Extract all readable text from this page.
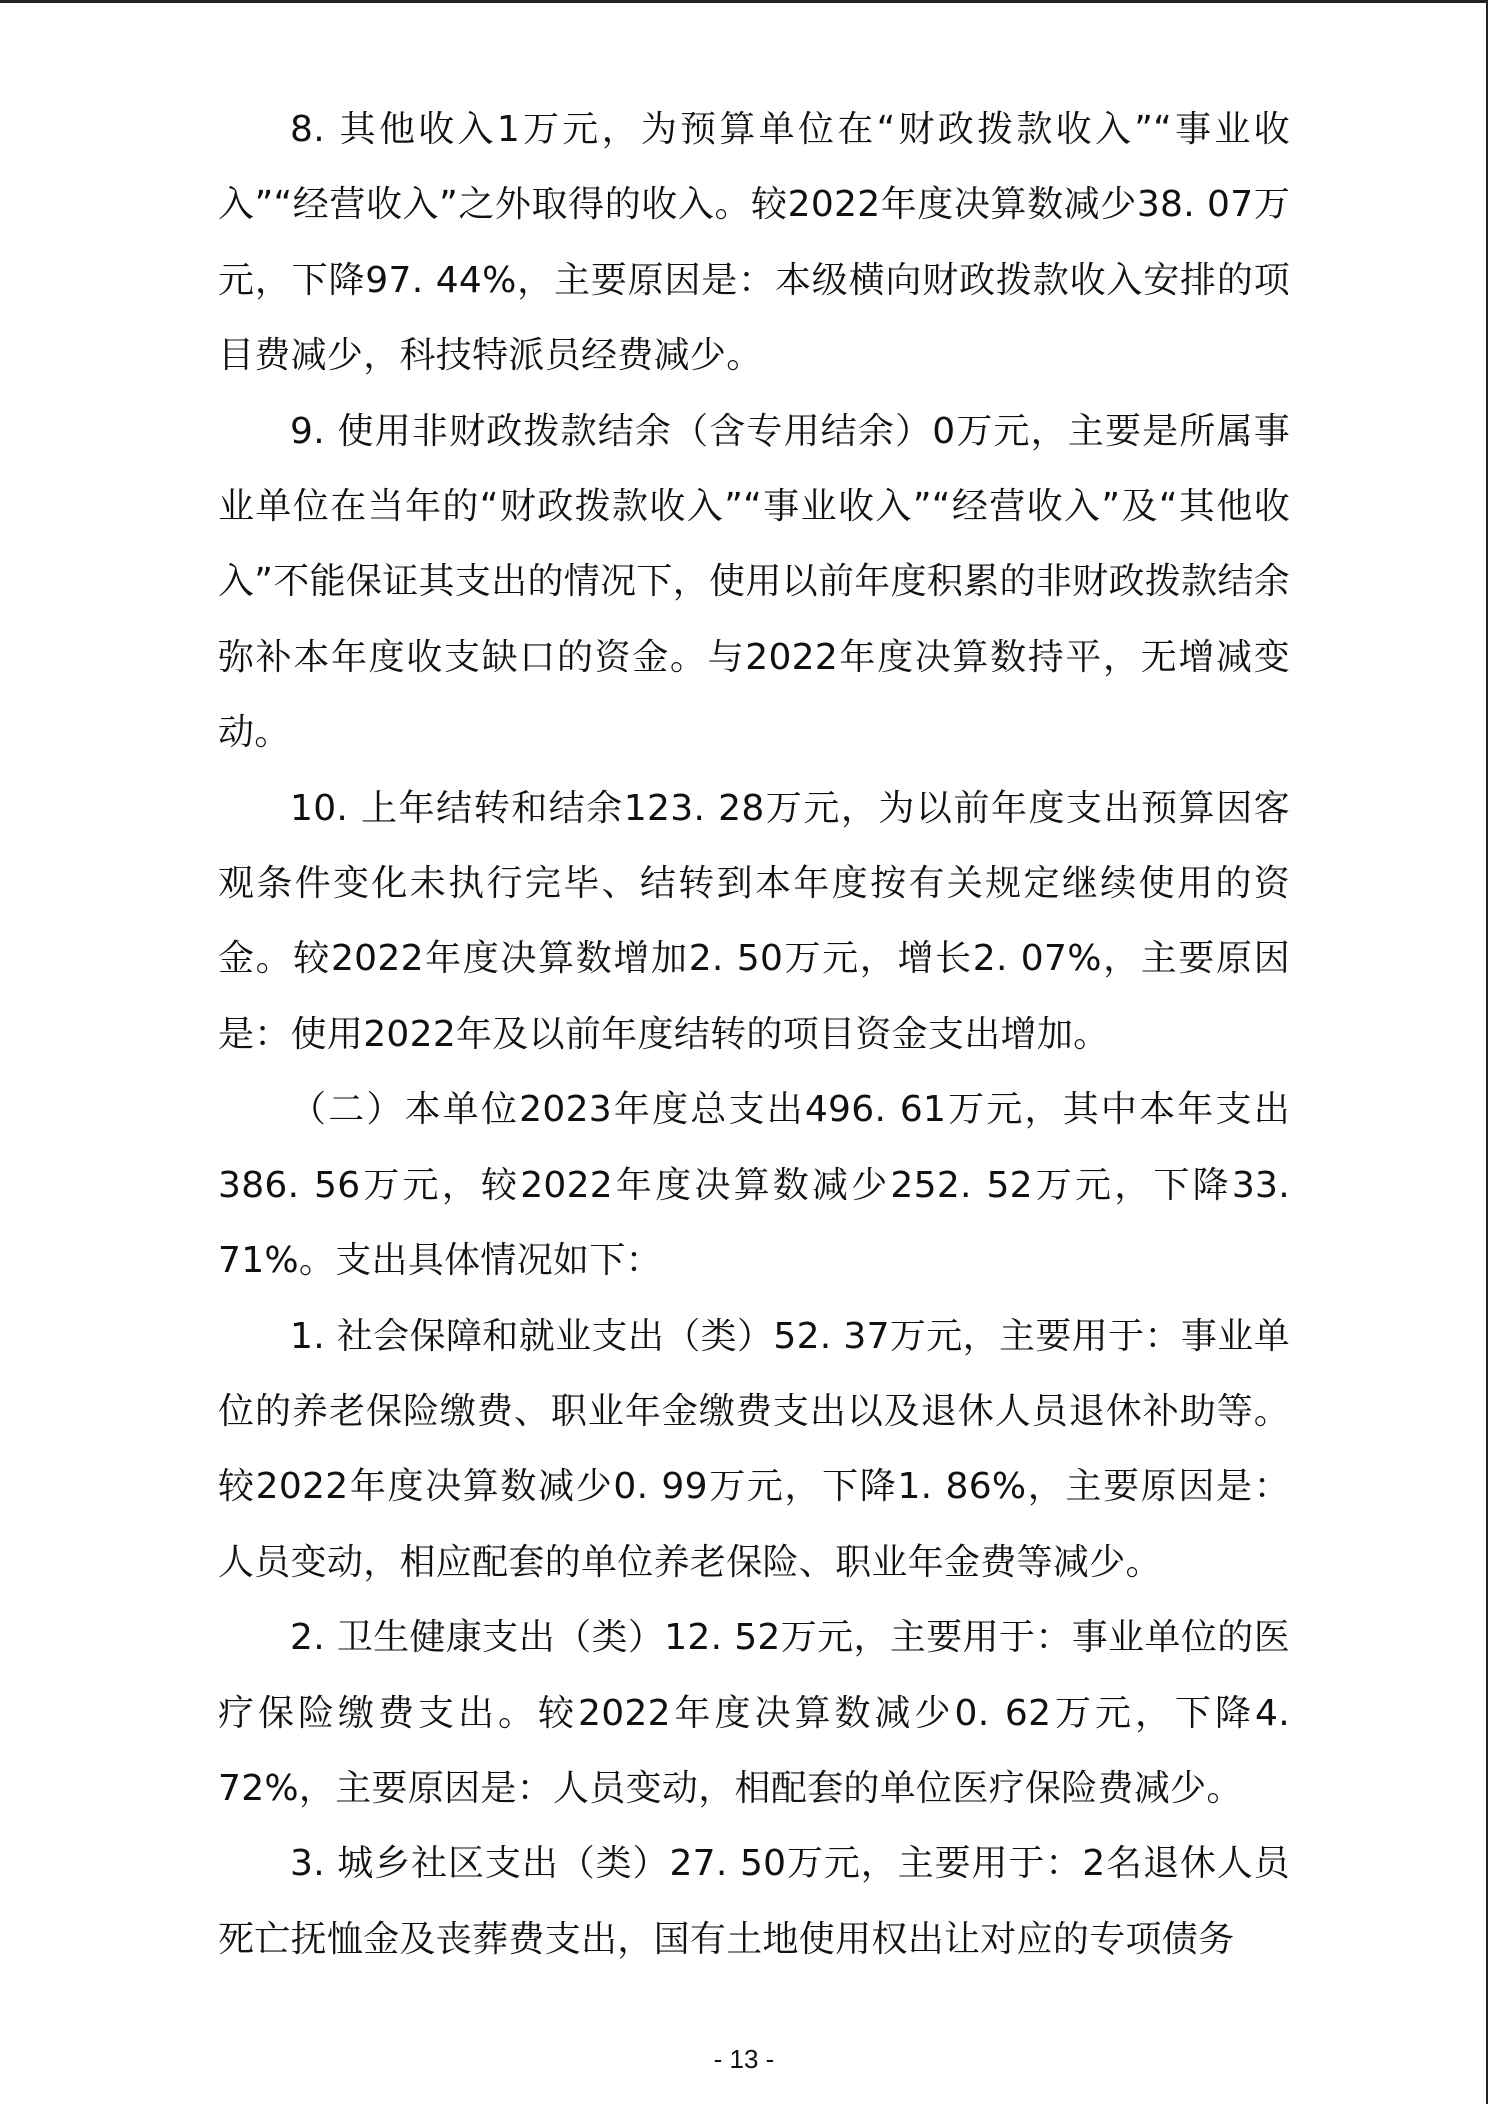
8. 其他收入1万元，为预算单位在“财政拨款收入”“事业收入”“经营收入”之外取得的收入。较2022年度决算数减少38. 07万元，下降97. 44%，主要原因是：本级横向财政拨款收入安排的项目费减少，科技特派员经费减少。

9. 使用非财政拨款结余（含专用结余）0万元，主要是所属事业单位在当年的“财政拨款收入”“事业收入”“经营收入”及“其他收入”不能保证其支出的情况下，使用以前年度积累的非财政拨款结余弥补本年度收支缺口的资金。与2022年度决算数持平，无增减变动。

10. 上年结转和结余123. 28万元，为以前年度支出预算因客观条件变化未执行完毕、结转到本年度按有关规定继续使用的资金。较2022年度决算数增加2. 50万元，增长2. 07%，主要原因是：使用2022年及以前年度结转的项目资金支出增加。

（二）本单位2023年度总支出496. 61万元，其中本年支出386. 56万元，较2022年度决算数减少252. 52万元，下降33. 71%。支出具体情况如下：

1. 社会保障和就业支出（类）52. 37万元，主要用于：事业单位的养老保险缴费、职业年金缴费支出以及退休人员退休补助等。较2022年度决算数减少0. 99万元，下降1. 86%，主要原因是：人员变动，相应配套的单位养老保险、职业年金费等减少。

2. 卫生健康支出（类）12. 52万元，主要用于：事业单位的医疗保险缴费支出。较2022年度决算数减少0. 62万元，下降4. 72%，主要原因是：人员变动，相配套的单位医疗保险费减少。

3. 城乡社区支出（类）27. 50万元，主要用于：2名退休人员死亡抚恤金及丧葬费支出，国有土地使用权出让对应的专项债务

- 13 -
